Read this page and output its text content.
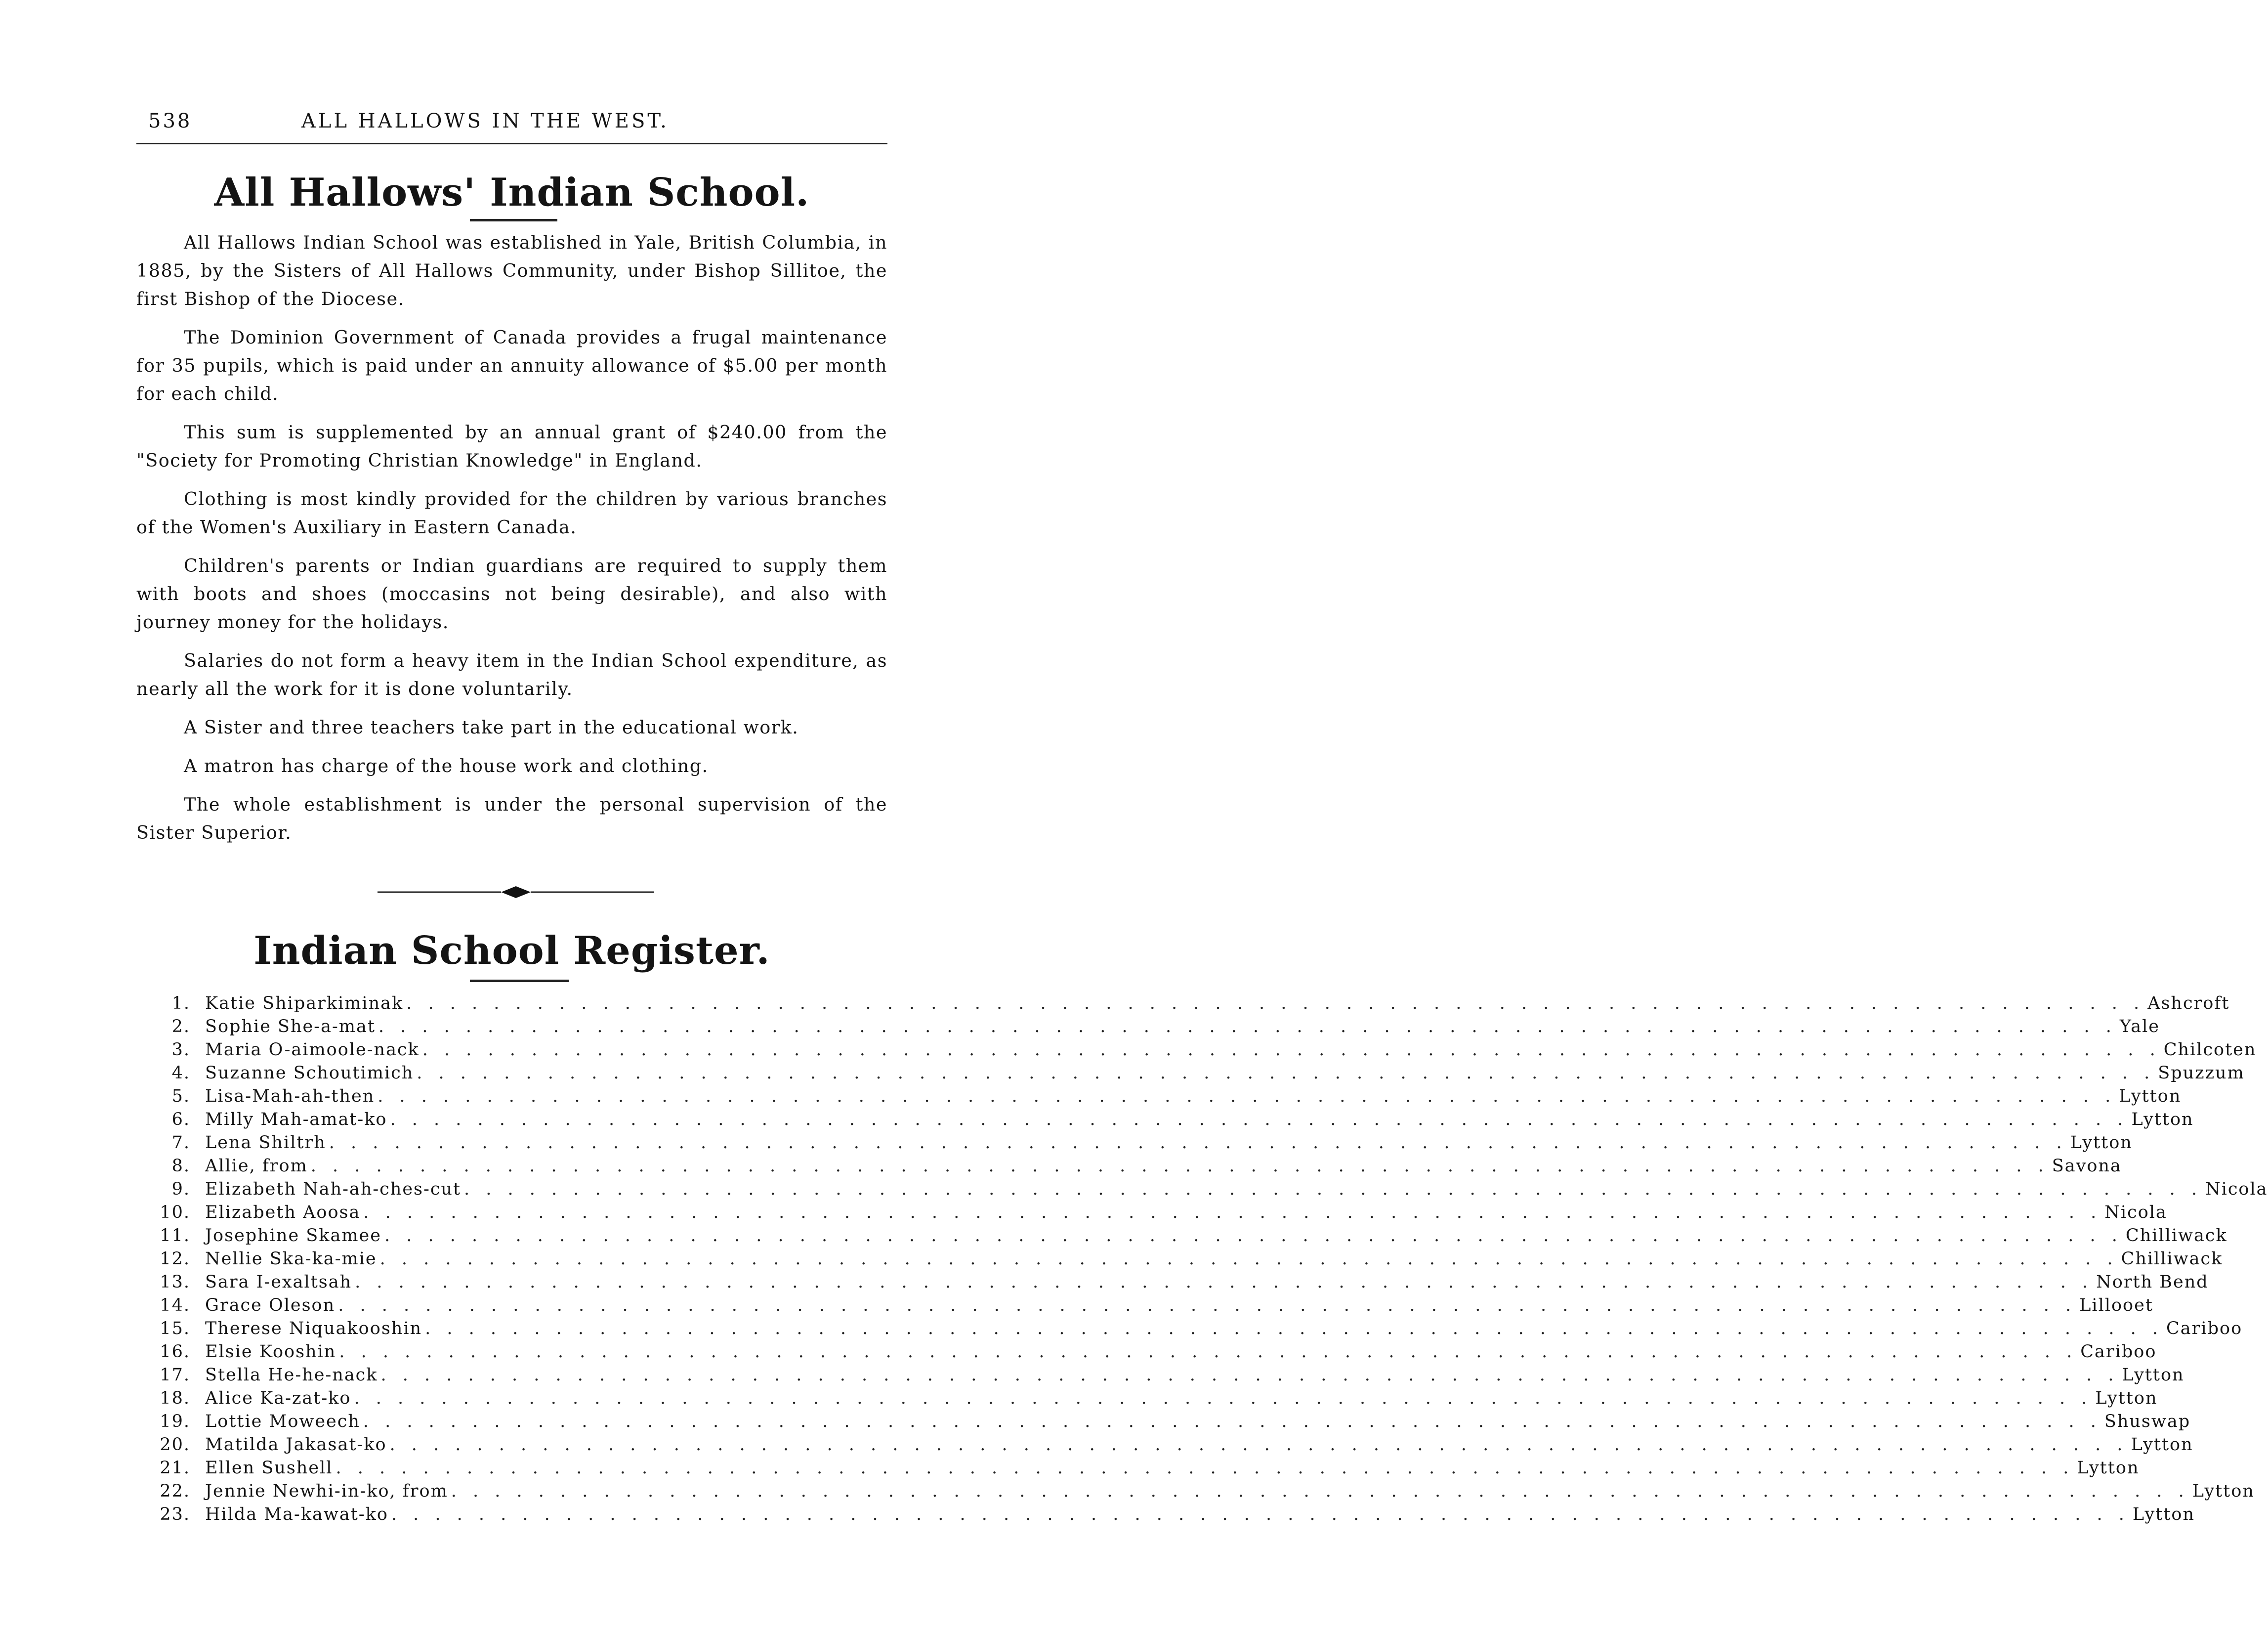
538	ALL HALLOWS IN THE WEST.
All Hallows' Indian School.

All Hallows Indian School was established in Yale, British Columbia, in 1885, by the Sisters of All Hallows Community, under Bishop Sillitoe, the first Bishop of the Diocese.

The Dominion Government of Canada provides a frugal maintenance for 35 pupils, which is paid under an annuity allowance of $5.00 per month for each child.

This sum is supplemented by an annual grant of $240.00 from the "Society for Promoting Christian Knowledge" in England.

Clothing is most kindly provided for the children by various branches of the Women's Auxiliary in Eastern Canada.

Children's parents or Indian guardians are required to supply them with boots and shoes (moccasins not being desirable), and also with journey money for the holidays.

Salaries do not form a heavy item in the Indian School expenditure, as nearly all the work for it is done voluntarily.

A Sister and three teachers take part in the educational work.

A matron has charge of the house work and clothing.

The whole establishment is under the personal supervision of the Sister Superior.

Indian School Register.
1. Katie Shiparkiminak . . . . . . . . . . . . . . . . . . . . . . . . . . . . . . . . . . . . . . . . . . . . . . . . . . . . . . . . . . . . . . . . . . . . . . . . . . . . . . . . Ashcroft
2. Sophie She-a-mat . . . . . . . . . . . . . . . . . . . . . . . . . . . . . . . . . . . . . . . . . . . . . . . . . . . . . . . . . . . . . . . . . . . . . . . . . . . . . . . . Yale
3. Maria O-aimoole-nack . . . . . . . . . . . . . . . . . . . . . . . . . . . . . . . . . . . . . . . . . . . . . . . . . . . . . . . . . . . . . . . . . . . . . . . . . . . . . . . . Chilcoten
4. Suzanne Schoutimich . . . . . . . . . . . . . . . . . . . . . . . . . . . . . . . . . . . . . . . . . . . . . . . . . . . . . . . . . . . . . . . . . . . . . . . . . . . . . . . . Spuzzum
5. Lisa-Mah-ah-then . . . . . . . . . . . . . . . . . . . . . . . . . . . . . . . . . . . . . . . . . . . . . . . . . . . . . . . . . . . . . . . . . . . . . . . . . . . . . . . . Lytton
6. Milly Mah-amat-ko . . . . . . . . . . . . . . . . . . . . . . . . . . . . . . . . . . . . . . . . . . . . . . . . . . . . . . . . . . . . . . . . . . . . . . . . . . . . . . . . Lytton
7. Lena Shiltrh . . . . . . . . . . . . . . . . . . . . . . . . . . . . . . . . . . . . . . . . . . . . . . . . . . . . . . . . . . . . . . . . . . . . . . . . . . . . . . . . Lytton
8. Allie, from . . . . . . . . . . . . . . . . . . . . . . . . . . . . . . . . . . . . . . . . . . . . . . . . . . . . . . . . . . . . . . . . . . . . . . . . . . . . . . . . Savona
9. Elizabeth Nah-ah-ches-cut . . . . . . . . . . . . . . . . . . . . . . . . . . . . . . . . . . . . . . . . . . . . . . . . . . . . . . . . . . . . . . . . . . . . . . . . . . . . . . . . Nicola
10. Elizabeth Aoosa . . . . . . . . . . . . . . . . . . . . . . . . . . . . . . . . . . . . . . . . . . . . . . . . . . . . . . . . . . . . . . . . . . . . . . . . . . . . . . . . Nicola
11. Josephine Skamee . . . . . . . . . . . . . . . . . . . . . . . . . . . . . . . . . . . . . . . . . . . . . . . . . . . . . . . . . . . . . . . . . . . . . . . . . . . . . . . . Chilliwack
12. Nellie Ska-ka-mie . . . . . . . . . . . . . . . . . . . . . . . . . . . . . . . . . . . . . . . . . . . . . . . . . . . . . . . . . . . . . . . . . . . . . . . . . . . . . . . . Chilliwack
13. Sara I-exaltsah . . . . . . . . . . . . . . . . . . . . . . . . . . . . . . . . . . . . . . . . . . . . . . . . . . . . . . . . . . . . . . . . . . . . . . . . . . . . . . . . North Bend
14. Grace Oleson . . . . . . . . . . . . . . . . . . . . . . . . . . . . . . . . . . . . . . . . . . . . . . . . . . . . . . . . . . . . . . . . . . . . . . . . . . . . . . . . Lillooet
15. Therese Niquakooshin . . . . . . . . . . . . . . . . . . . . . . . . . . . . . . . . . . . . . . . . . . . . . . . . . . . . . . . . . . . . . . . . . . . . . . . . . . . . . . . . Cariboo
16. Elsie Kooshin . . . . . . . . . . . . . . . . . . . . . . . . . . . . . . . . . . . . . . . . . . . . . . . . . . . . . . . . . . . . . . . . . . . . . . . . . . . . . . . . Cariboo
17. Stella He-he-nack . . . . . . . . . . . . . . . . . . . . . . . . . . . . . . . . . . . . . . . . . . . . . . . . . . . . . . . . . . . . . . . . . . . . . . . . . . . . . . . . Lytton
18. Alice Ka-zat-ko . . . . . . . . . . . . . . . . . . . . . . . . . . . . . . . . . . . . . . . . . . . . . . . . . . . . . . . . . . . . . . . . . . . . . . . . . . . . . . . . Lytton
19. Lottie Moweech . . . . . . . . . . . . . . . . . . . . . . . . . . . . . . . . . . . . . . . . . . . . . . . . . . . . . . . . . . . . . . . . . . . . . . . . . . . . . . . . Shuswap
20. Matilda Jakasat-ko . . . . . . . . . . . . . . . . . . . . . . . . . . . . . . . . . . . . . . . . . . . . . . . . . . . . . . . . . . . . . . . . . . . . . . . . . . . . . . . . Lytton
21. Ellen Sushell . . . . . . . . . . . . . . . . . . . . . . . . . . . . . . . . . . . . . . . . . . . . . . . . . . . . . . . . . . . . . . . . . . . . . . . . . . . . . . . . Lytton
22. Jennie Newhi-in-ko, from . . . . . . . . . . . . . . . . . . . . . . . . . . . . . . . . . . . . . . . . . . . . . . . . . . . . . . . . . . . . . . . . . . . . . . . . . . . . . . . . Lytton
23. Hilda Ma-kawat-ko . . . . . . . . . . . . . . . . . . . . . . . . . . . . . . . . . . . . . . . . . . . . . . . . . . . . . . . . . . . . . . . . . . . . . . . . . . . . . . . . Lytton
